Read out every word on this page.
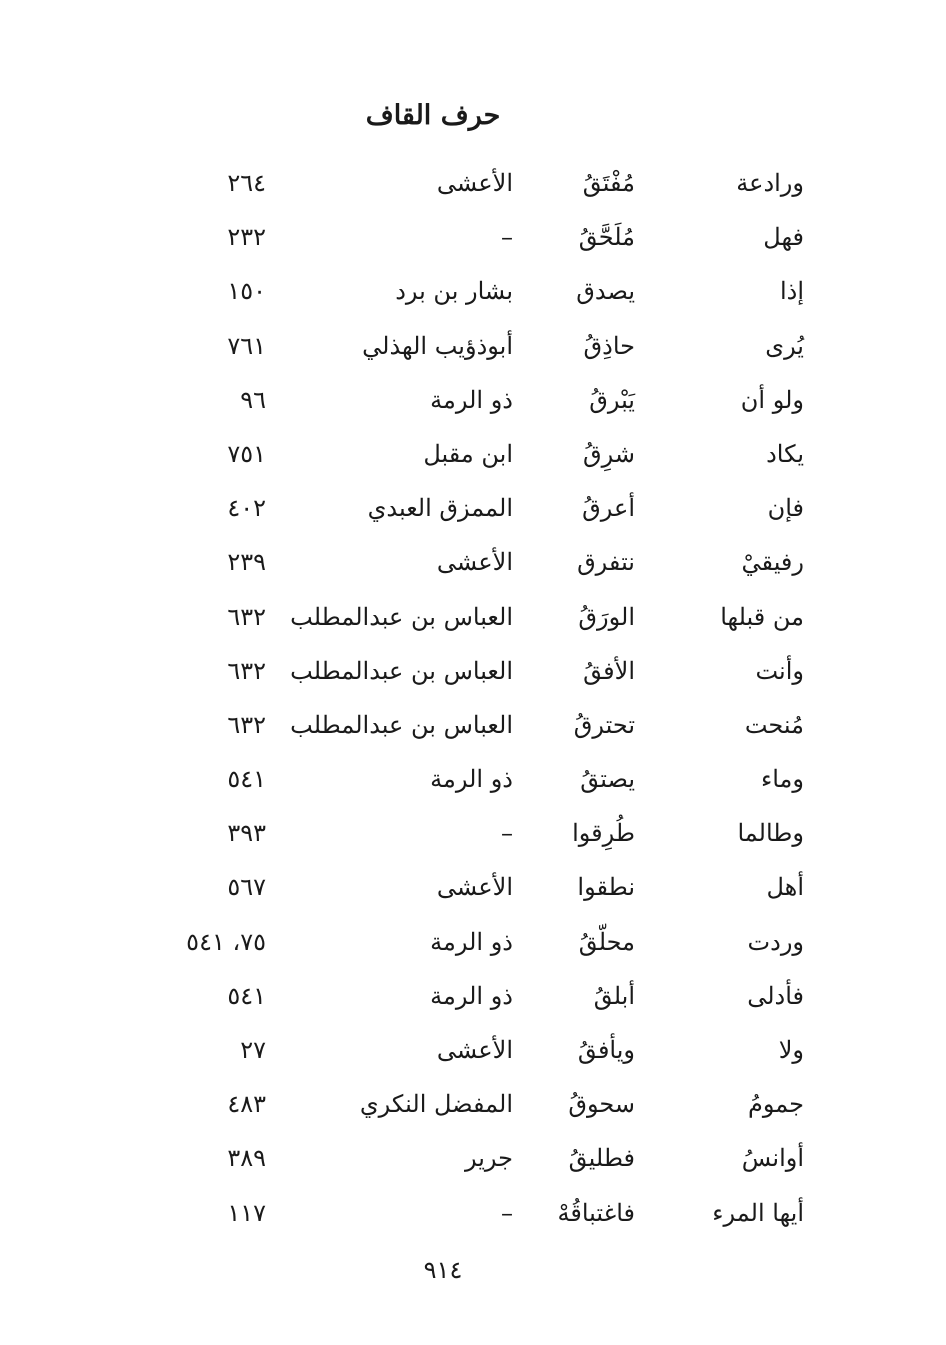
حرف القاف
ورادعة
مُفْتَقُ
الأعشى
٢٦٤
فهل
مُلَحَّقُ
–
٢٣٢
إذا
يصدق
بشار بن برد
١٥٠
يُرى
حاذِقُ
أبوذؤيب الهذلي
٧٦١
ولو أن
يَبْرقُ
ذو الرمة
٩٦
يكاد
شرِقُ
ابن مقبل
٧٥١
فإن
أعرقُ
الممزق العبدي
٤٠٢
رفيقيْ
نتفرق
الأعشى
٢٣٩
من قبلها
الورَقُ
العباس بن عبدالمطلب
٦٣٢
وأنت
الأفقُ
العباس بن عبدالمطلب
٦٣٢
مُنحت
تحترقُ
العباس بن عبدالمطلب
٦٣٢
وماء
يصتقُ
ذو الرمة
٥٤١
وطالما
طُرِقوا
–
٣٩٣
أهل
نطقوا
الأعشى
٥٦٧
وردت
محلّقُ
ذو الرمة
٧٥، ٥٤١
فأدلى
أبلقُ
ذو الرمة
٥٤١
ولا
ويأفقُ
الأعشى
٢٧
جمومُ
سحوقُ
المفضل النكري
٤٨٣
أوانسُ
فطليقُ
جرير
٣٨٩
أيها المرء
فاغتباقُهْ
–
١١٧
٩١٤
